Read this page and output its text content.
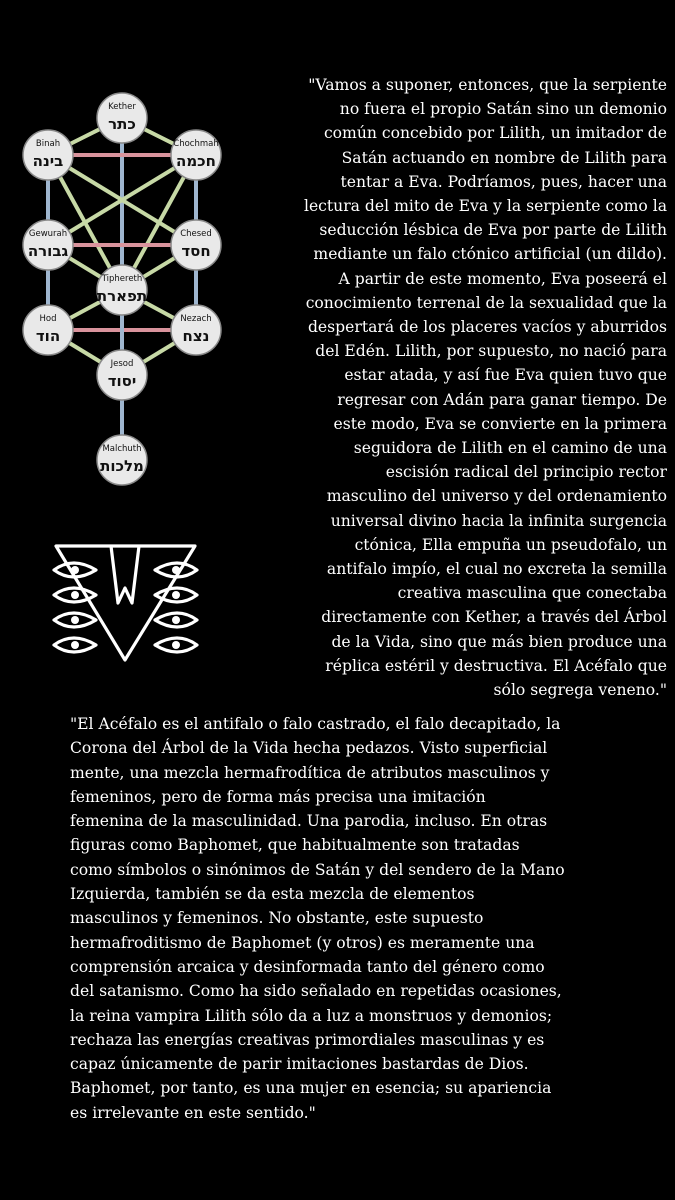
Kether
כתר
Binah
בינה
Chochmah
חכמה
Gewurah
גבורה
Chesed
חסד
Tiphereth
תפארת
Hod
הוד
Nezach
נצח
Jesod
יסוד
Malchuth
מלכות

"Vamos a suponer, entonces, que la serpiente
no fuera el propio Satán sino un demonio
común concebido por Lilith, un imitador de
Satán actuando en nombre de Lilith para
tentar a Eva. Podríamos, pues, hacer una
lectura del mito de Eva y la serpiente como la
seducción lésbica de Eva por parte de Lilith
mediante un falo ctónico artificial (un dildo).
A partir de este momento, Eva poseerá el
conocimiento terrenal de la sexualidad que la
despertará de los placeres vacíos y aburridos
del Edén. Lilith, por supuesto, no nació para
estar atada, y así fue Eva quien tuvo que
regresar con Adán para ganar tiempo. De
este modo, Eva se convierte en la primera
seguidora de Lilith en el camino de una
escisión radical del principio rector
masculino del universo y del ordenamiento
universal divino hacia la infinita surgencia
ctónica, Ella empuña un pseudofalo, un
antifalo impío, el cual no excreta la semilla
creativa masculina que conectaba
directamente con Kether, a través del Árbol
de la Vida, sino que más bien produce una
réplica estéril y destructiva. El Acéfalo que
sólo segrega veneno."

"El Acéfalo es el antifalo o falo castrado, el falo decapitado, la
Corona del Árbol de la Vida hecha pedazos. Visto superficial
mente, una mezcla hermafrodítica de atributos masculinos y
femeninos, pero de forma más precisa una imitación
femenina de la masculinidad. Una parodia, incluso. En otras
figuras como Baphomet, que habitualmente son tratadas
como símbolos o sinónimos de Satán y del sendero de la Mano
Izquierda, también se da esta mezcla de elementos
masculinos y femeninos. No obstante, este supuesto
hermafroditismo de Baphomet (y otros) es meramente una
comprensión arcaica y desinformada tanto del género como
del satanismo. Como ha sido señalado en repetidas ocasiones,
la reina vampira Lilith sólo da a luz a monstruos y demonios;
rechaza las energías creativas primordiales masculinas y es
capaz únicamente de parir imitaciones bastardas de Dios.
Baphomet, por tanto, es una mujer en esencia; su apariencia
es irrelevante en este sentido."
